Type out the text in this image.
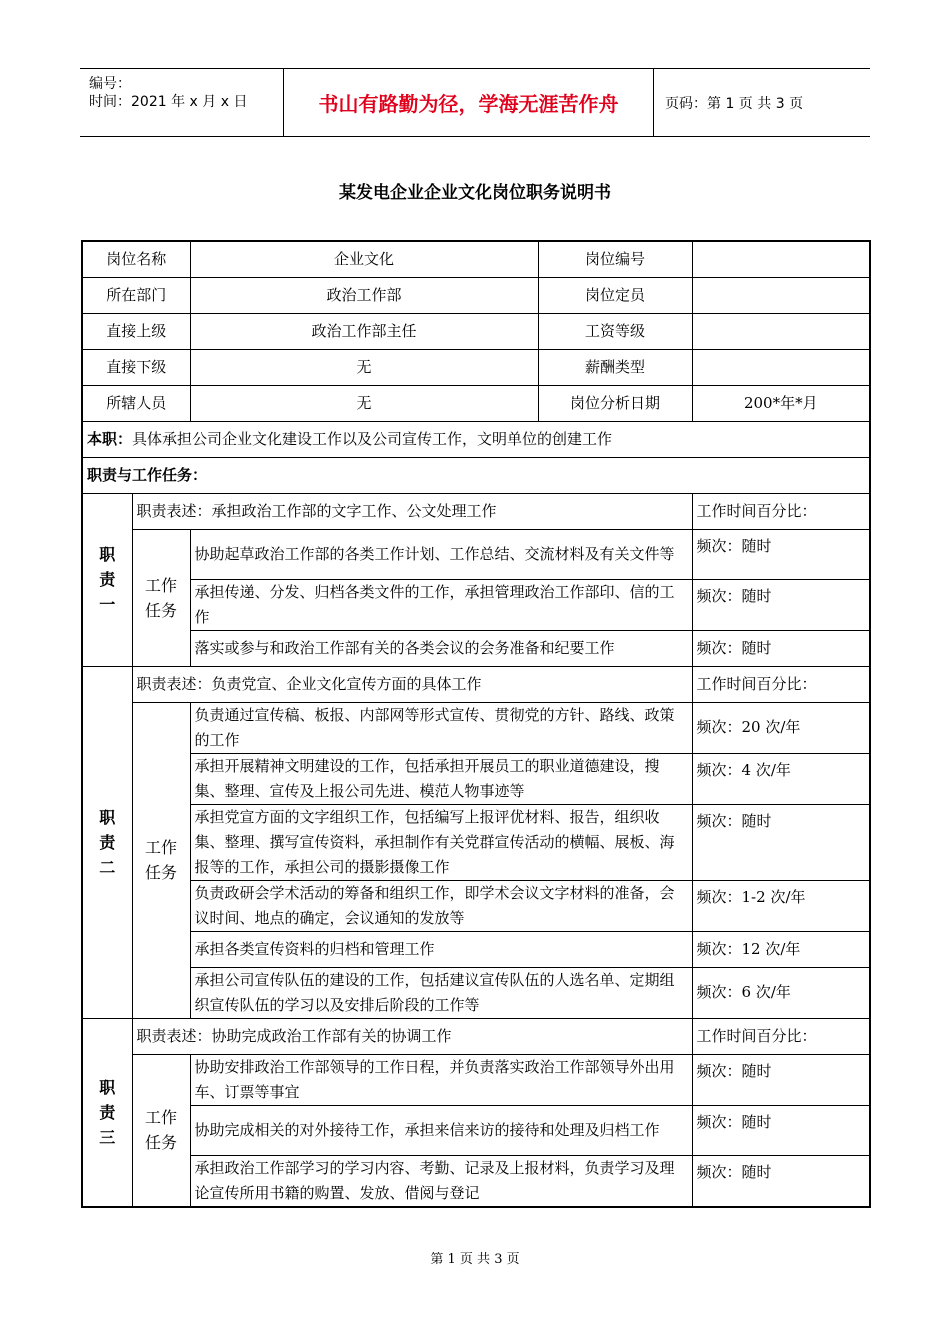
编号：
时间：2021 年 x 月 x 日	书山有路勤为径，学海无涯苦作舟	页码：第 1 页 共 3 页
某发电企业企业文化岗位职务说明书
岗位名称		企业文化	岗位编号	
所在部门		政治工作部	岗位定员	
直接上级		政治工作部主任	工资等级	
直接下级		无	薪酬类型	
所辖人员		无	岗位分析日期	200*年*月
本职：具体承担公司企业文化建设工作以及公司宣传工作，文明单位的创建工作				
职责与工作任务：				

职
责
一	职责表述：承担政治工作部的文字工作、公文处理工作			工作时间百分比：

	工作任务	协助起草政治工作部的各类工作计划、工作总结、交流材料及有关文件等		频次：随时
		承担传递、分发、归档各类文件的工作，承担管理政治工作部印、信的工作		频次：随时
		落实或参与和政治工作部有关的各类会议的会务准备和纪要工作		频次：随时

职
责
二	职责表述：负责党宣、企业文化宣传方面的具体工作			工作时间百分比：

	工作任务	负责通过宣传稿、板报、内部网等形式宣传、贯彻党的方针、路线、政策的工作		频次：20 次/年
		承担开展精神文明建设的工作，包括承担开展员工的职业道德建设，搜集、整理、宣传及上报公司先进、模范人物事迹等		频次：4 次/年
		承担党宣方面的文字组织工作，包括编写上报评优材料、报告，组织收集、整理、撰写宣传资料，承担制作有关党群宣传活动的横幅、展板、海报等的工作，承担公司的摄影摄像工作		频次：随时
		负责政研会学术活动的筹备和组织工作，即学术会议文字材料的准备，会议时间、地点的确定，会议通知的发放等		频次：1-2 次/年
		承担各类宣传资料的归档和管理工作		频次：12 次/年
		承担公司宣传队伍的建设的工作，包括建议宣传队伍的人选名单、定期组织宣传队伍的学习以及安排后阶段的工作等		频次：6 次/年

职
责
三	职责表述：协助完成政治工作部有关的协调工作			工作时间百分比：

	工作任务	协助安排政治工作部领导的工作日程，并负责落实政治工作部领导外出用车、订票等事宜		频次：随时
		协助完成相关的对外接待工作，承担来信来访的接待和处理及归档工作		频次：随时
		承担政治工作部学习的学习内容、考勤、记录及上报材料，负责学习及理论宣传所用书籍的购置、发放、借阅与登记		频次：随时
第 1 页 共 3 页
